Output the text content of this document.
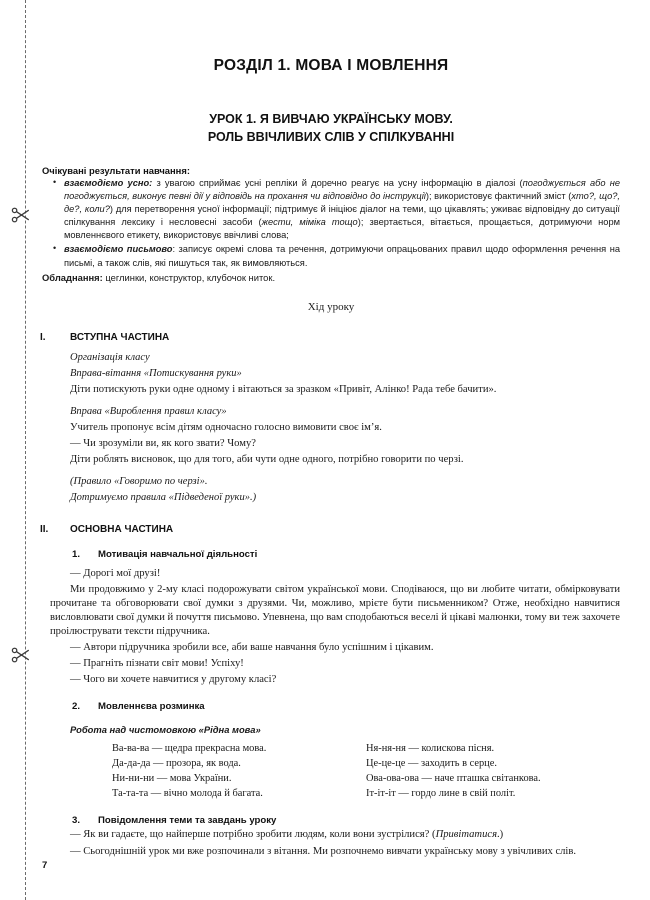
РОЗДІЛ 1. МОВА І МОВЛЕННЯ
УРОК 1. Я ВИВЧАЮ УКРАЇНСЬКУ МОВУ.
РОЛЬ ВВІЧЛИВИХ СЛІВ У СПІЛКУВАННІ

Очікувані результати навчання:

• взаємодіємо усно: з увагою сприймає усні репліки й доречно реагує на усну інформацію в діалозі (погоджується або не погоджується, виконує певні дії у відповідь на прохання чи відповідно до інструкції); використовує фактичний зміст (хто?, що?, де?, коли?) для перетворення усної інформації; підтримує й ініціює діалог на теми, що цікавлять; уживає відповідну до ситуації спілкування лексику і несловесні засоби (жести, міміка тощо); звертається, вітається, прощається, дотримуючи норм мовленнєвого етикету, використовує ввічливі слова;
• взаємодіємо письмово: записує окремі слова та речення, дотримуючи опрацьованих правил щодо оформлення речення на письмі, а також слів, які пишуться так, як вимовляються.

Обладнання: цеглинки, конструктор, клубочок ниток.

Хід уроку

I. ВСТУПНА ЧАСТИНА

Організація класу

Вправа-вітання «Потискування руки»

Діти потискують руки одне одному і вітаються за зразком «Привіт, Алінко! Рада тебе бачити».

Вправа «Вироблення правил класу»

Учитель пропонує всім дітям одночасно голосно вимовити своє ім’я.

— Чи зрозуміли ви, як кого звати? Чому?

Діти роблять висновок, що для того, аби чути одне одного, потрібно говорити по черзі.

(Правило «Говоримо по черзі».

Дотримуємо правила «Підведеної руки».)

II. ОСНОВНА ЧАСТИНА

1. Мотивація навчальної діяльності

— Дорогі мої друзі!

Ми продовжимо у 2-му класі подорожувати світом української мови. Сподіваюся, що ви любите читати, обмірковувати прочитане та обговорювати свої думки з друзями. Чи, можливо, мрієте бути письменником? Отже, необхідно навчитися висловлювати свої думки й почуття письмово. Упевнена, що вам сподобаються веселі й цікаві малюнки, тому ви теж захочете проілюструвати тексти підручника.

— Автори підручника зробили все, аби ваше навчання було успішним і цікавим.

— Прагніть пізнати світ мови! Успіху!

— Чого ви хочете навчитися у другому класі?

2. Мовленнєва розминка

Робота над чистомовкою «Рідна мова»

Ва-ва-ва — щедра прекрасна мова.

Да-да-да — прозора, як вода.

Ни-ни-ни — мова України.

Та-та-та — вічно молода й багата.

Ня-ня-ня — колискова пісня.

Це-це-це — заходить в серце.

Ова-ова-ова — наче пташка світанкова.

Іт-іт-іт — гордо лине в свій політ.

3. Повідомлення теми та завдань уроку

— Як ви гадаєте, що найперше потрібно зробити людям, коли вони зустрілися? (Привітатися.)

— Сьогоднішній урок ми вже розпочинали з вітання. Ми розпочнемо вивчати українську мову з увічливих слів.

7
